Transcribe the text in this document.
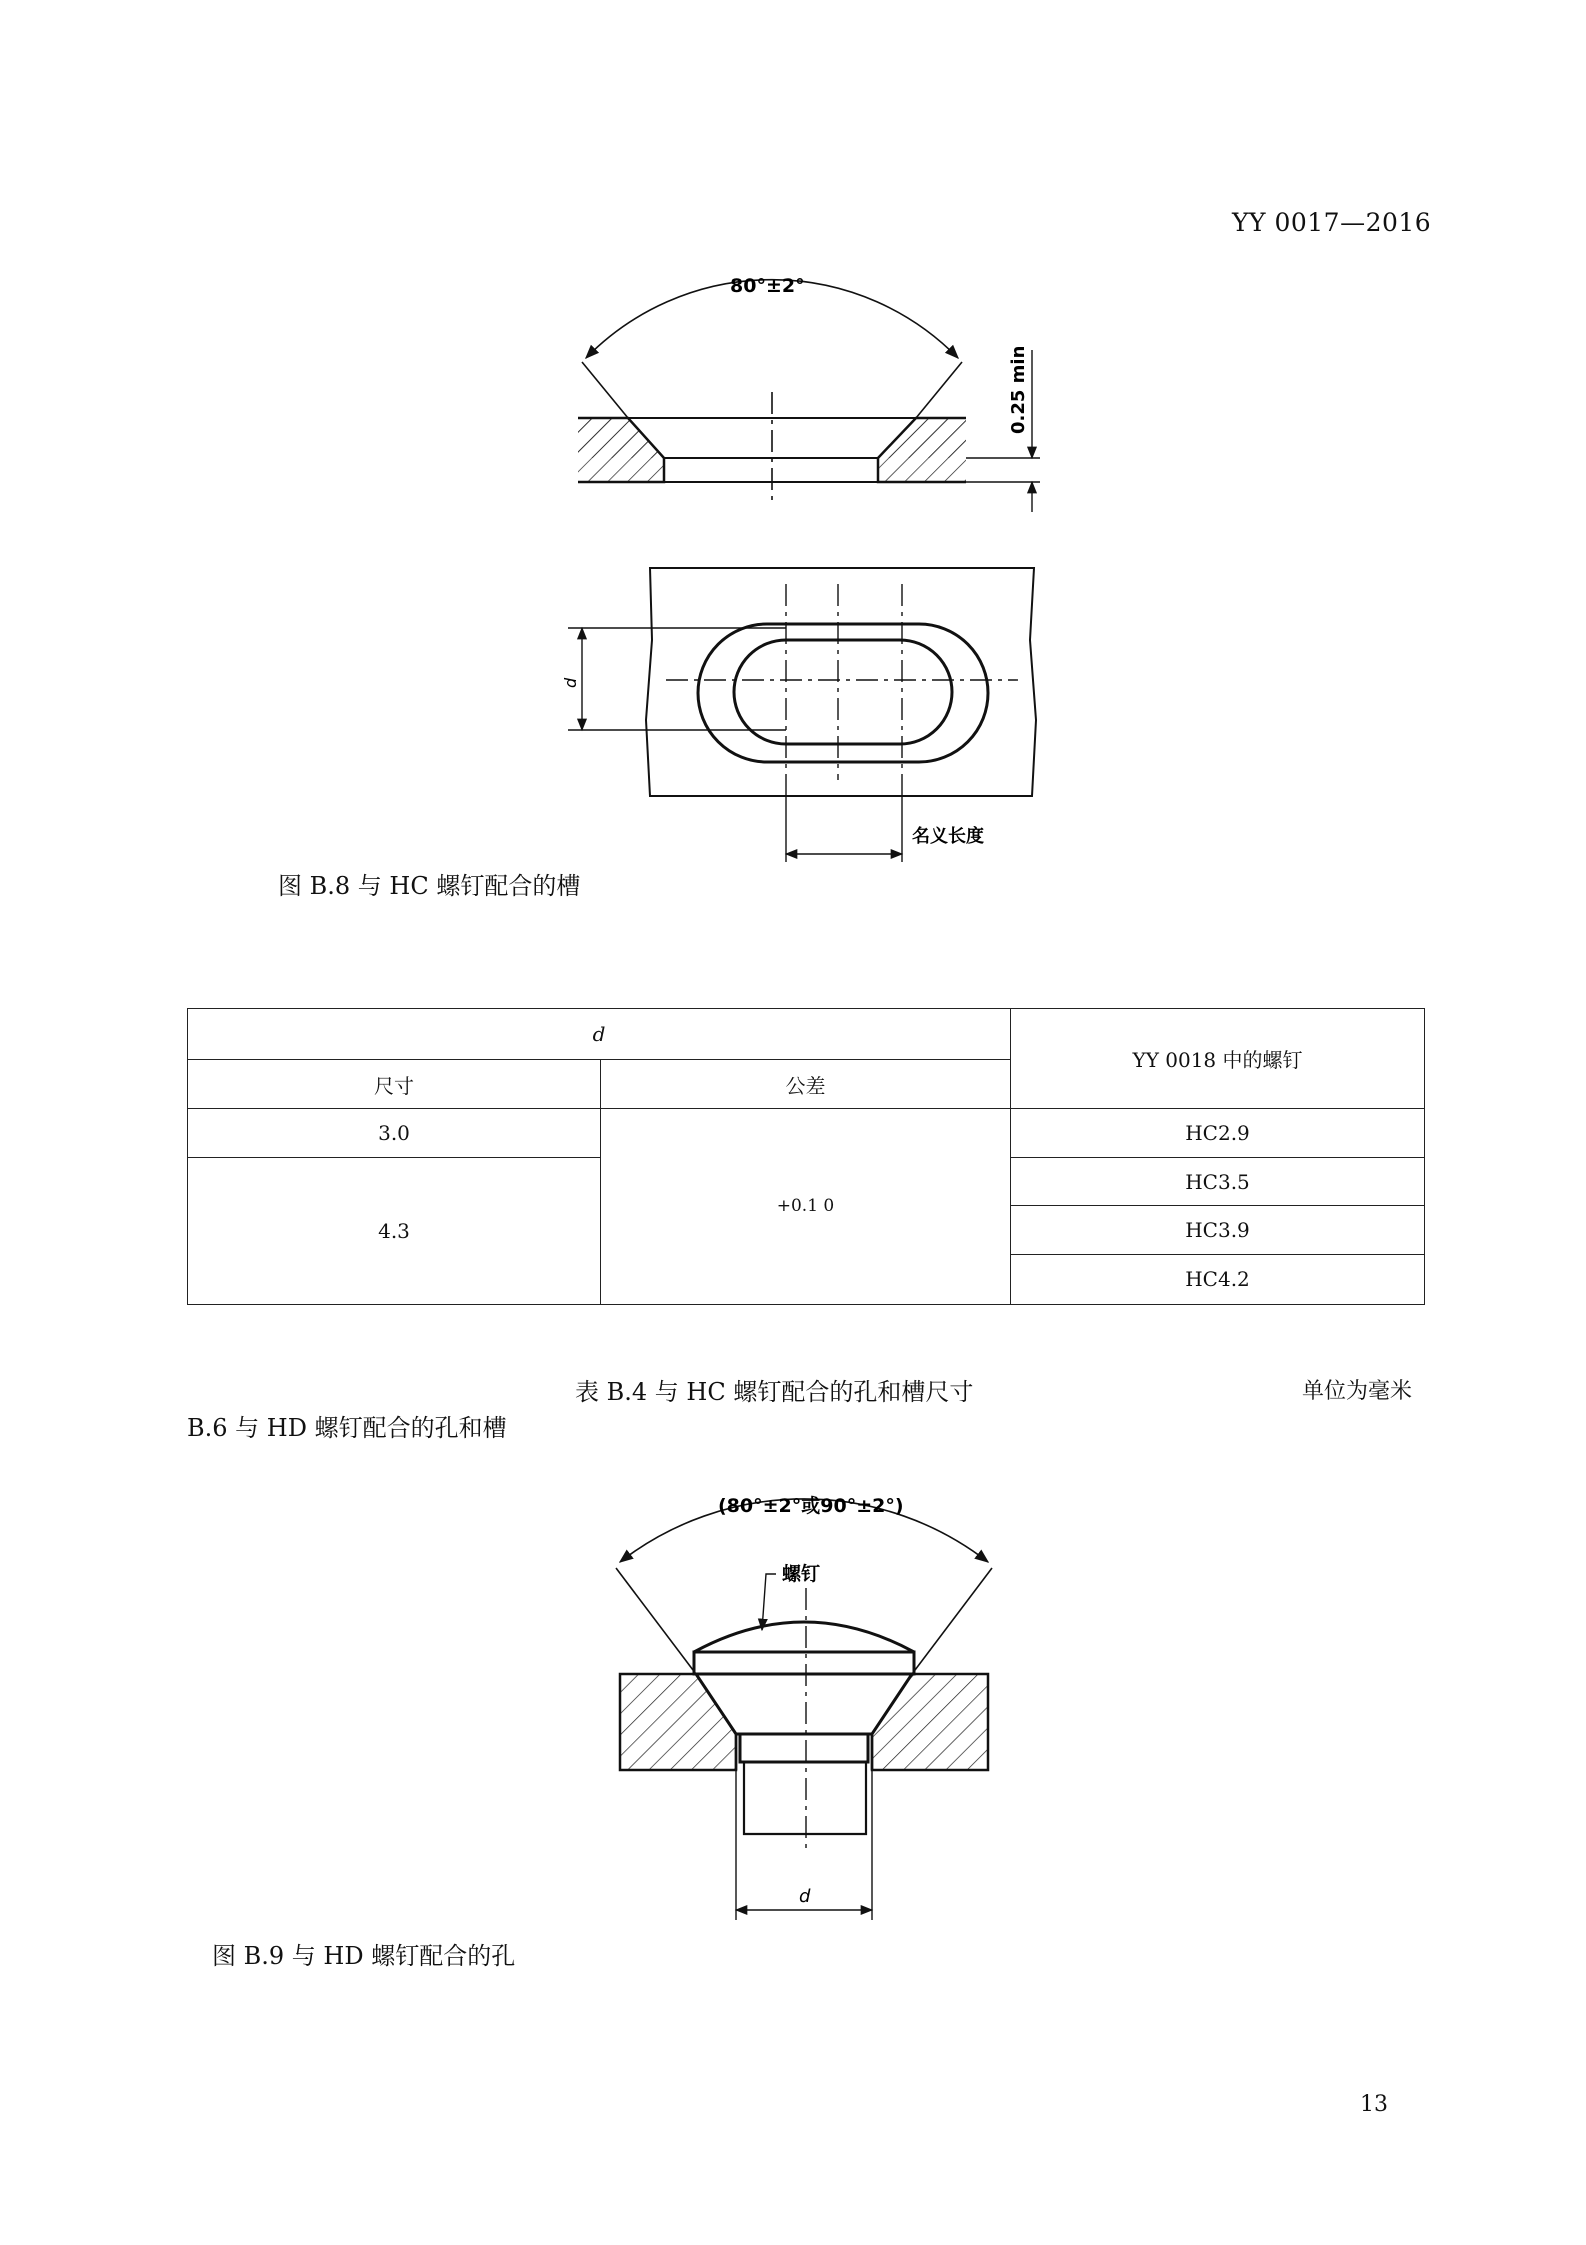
YY 0017—2016
80°±2°
0.25 min
d
名义长度
图 B.8 与 HC 螺钉配合的槽
d		YY 0018 中的螺钉
尺寸	公差	
3.0	+0.1 0	HC2.9
4.3		HC3.5
		HC3.9
		HC4.2
表 B.4 与 HC 螺钉配合的孔和槽尺寸	单位为毫米
B.6 与 HD 螺钉配合的孔和槽
(80°±2°或90°±2°)
螺钉
d
图 B.9 与 HD 螺钉配合的孔
13
